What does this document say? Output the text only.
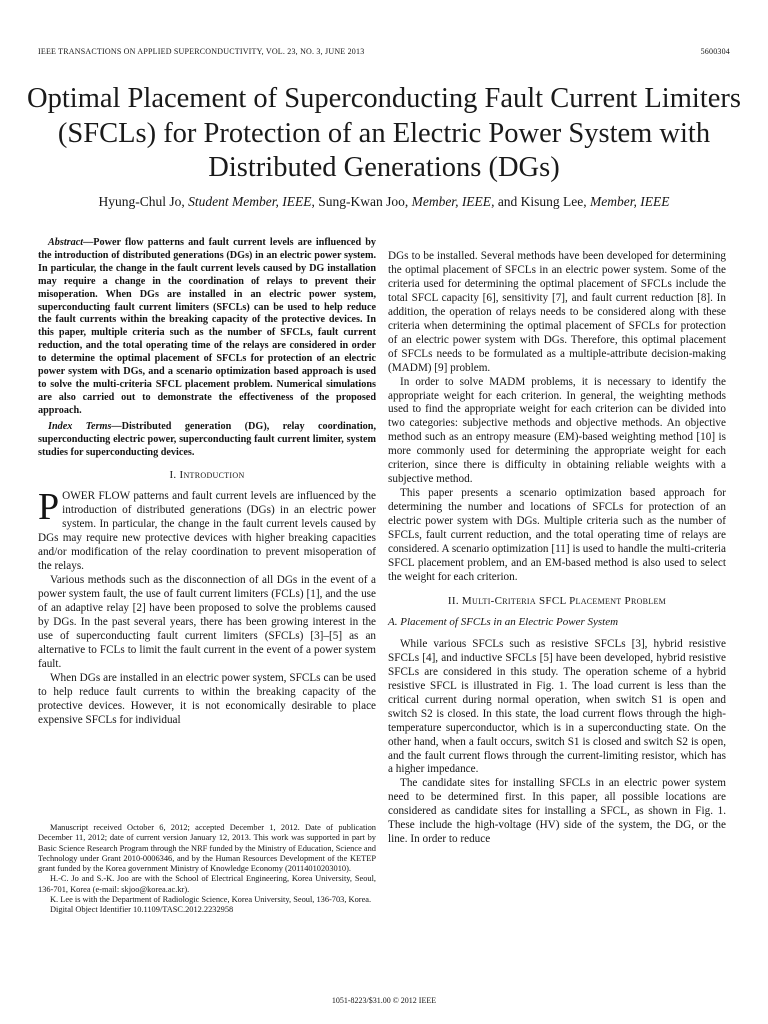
IEEE TRANSACTIONS ON APPLIED SUPERCONDUCTIVITY, VOL. 23, NO. 3, JUNE 2013	5600304
Optimal Placement of Superconducting Fault Current Limiters (SFCLs) for Protection of an Electric Power System with Distributed Generations (DGs)
Hyung-Chul Jo, Student Member, IEEE, Sung-Kwan Joo, Member, IEEE, and Kisung Lee, Member, IEEE

Abstract—Power flow patterns and fault current levels are influenced by the introduction of distributed generations (DGs) in an electric power system. In particular, the change in the fault current levels caused by DG installation may require a change in the coordination of relays to prevent their misoperation. When DGs are installed in an electric power system, superconducting fault current limiters (SFCLs) can be used to help reduce the fault currents within the breaking capacity of the protective devices. In this paper, multiple criteria such as the number of SFCLs, fault current reduction, and the total operating time of the relays are considered in order to determine the optimal placement of SFCLs for protection of an electric power system with DGs, and a scenario optimization based approach is used to solve the multi-criteria SFCL placement problem. Numerical simulations are also carried out to demonstrate the effectiveness of the proposed approach.

Index Terms—Distributed generation (DG), relay coordination, superconducting electric power, superconducting fault current limiter, system studies for superconducting devices.

I. Introduction

POWER FLOW patterns and fault current levels are influenced by the introduction of distributed generations (DGs) in an electric power system. In particular, the change in the fault current levels caused by DGs may require new protective devices with higher breaking capacities and/or modification of the relay coordination to prevent misoperation of the relays.

Various methods such as the disconnection of all DGs in the event of a power system fault, the use of fault current limiters (FCLs) [1], and the use of an adaptive relay [2] have been proposed to solve the problems caused by DGs. In the past several years, there has been growing interest in the use of superconducting fault current limiters (SFCLs) [3]–[5] as an alternative to FCLs to limit the fault current in the event of a power system fault.

When DGs are installed in an electric power system, SFCLs can be used to help reduce fault currents to within the breaking capacity of the protective devices. However, it is not economically desirable to place expensive SFCLs for individual

Manuscript received October 6, 2012; accepted December 1, 2012. Date of publication December 11, 2012; date of current version January 12, 2013. This work was supported in part by Basic Science Research Program through the NRF funded by the Ministry of Education, Science and Technology under Grant 2010-0006346, and by the Human Resources Development of the KETEP grant funded by the Korea government Ministry of Knowledge Economy (20114010203010).

H.-C. Jo and S.-K. Joo are with the School of Electrical Engineering, Korea University, Seoul, 136-701, Korea (e-mail: skjoo@korea.ac.kr).

K. Lee is with the Department of Radiologic Science, Korea University, Seoul, 136-703, Korea.

Digital Object Identifier 10.1109/TASC.2012.2232958

DGs to be installed. Several methods have been developed for determining the optimal placement of SFCLs in an electric power system. Some of the criteria used for determining the optimal placement of SFCLs include the total SFCL capacity [6], sensitivity [7], and fault current reduction [8]. In addition, the operation of relays needs to be considered along with these criteria when determining the optimal placement of SFCLs for protection of an electric power system with DGs. Therefore, this optimal placement of SFCLs needs to be formulated as a multiple-attribute decision-making (MADM) [9] problem.

In order to solve MADM problems, it is necessary to identify the appropriate weight for each criterion. In general, the weighting methods used to find the appropriate weight for each criterion can be divided into two categories: subjective methods and objective methods. An objective method such as an entropy measure (EM)-based weighting method [10] is more commonly used for determining the appropriate weight for each criterion, since there is difficulty in obtaining reliable weights with a subjective method.

This paper presents a scenario optimization based approach for determining the number and locations of SFCLs for protection of an electric power system with DGs. Multiple criteria such as the number of SFCLs, fault current reduction, and the total operating time of relays are considered. A scenario optimization [11] is used to handle the multi-criteria SFCL placement problem, and an EM-based method is also used to select the weight for each criterion.

II. Multi-Criteria SFCL Placement Problem
A. Placement of SFCLs in an Electric Power System

While various SFCLs such as resistive SFCLs [3], hybrid resistive SFCLs [4], and inductive SFCLs [5] have been developed, hybrid resistive SFCLs are considered in this study. The operation scheme of a hybrid resistive SFCL is illustrated in Fig. 1. The load current is less than the critical current during normal operation, when switch S1 is open and switch S2 is closed. In this state, the load current flows through the high-temperature superconductor, which is in a superconducting state. On the other hand, when a fault occurs, switch S1 is closed and switch S2 is open, and the fault current flows through the current-limiting resistor, which has a higher impedance.

The candidate sites for installing SFCLs in an electric power system need to be determined first. In this paper, all possible locations are considered as candidate sites for installing a SFCL, as shown in Fig. 1. These include the high-voltage (HV) side of the system, the DG, or the line. In order to reduce

1051-8223/$31.00 © 2012 IEEE
